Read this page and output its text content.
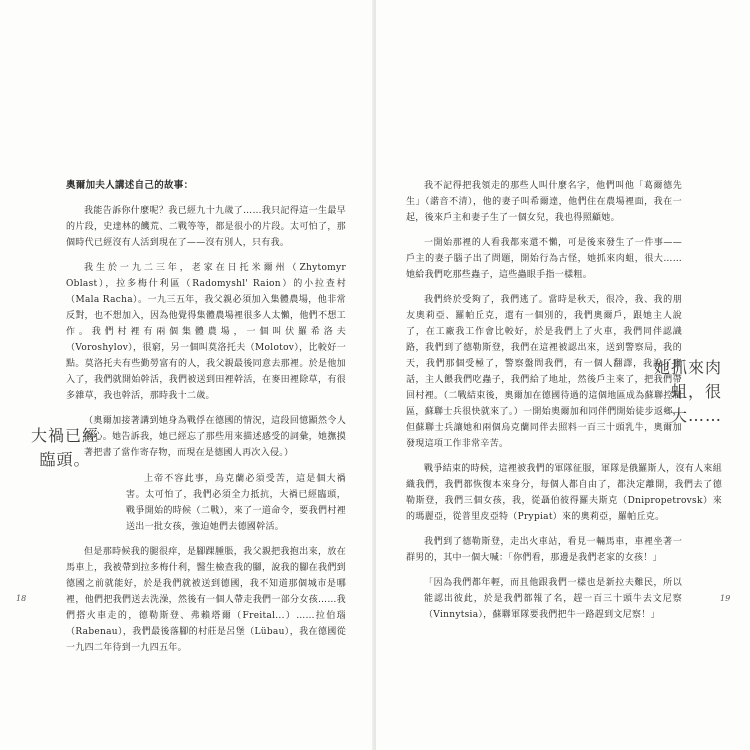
奧爾加夫人講述自己的故事：

我能告訴你什麼呢？我已經九十九歲了……我只記得這一生最早的片段，史達林的饑荒、二戰等等，都是很小的片段。太可怕了，那個時代已經沒有人活到現在了——沒有別人，只有我。

我生於一九二三年，老家在日托米爾州（Zhytomyr Oblast），拉多梅什利區（Radomyshl' Raion）的小拉查村（Mala Racha）。一九三五年，我父親必須加入集體農場，他非常反對，也不想加入，因為他覺得集體農場裡很多人太懶，他們不想工作。我們村裡有兩個集體農場，一個叫伏羅希洛夫（Voroshylov），很窮，另一個叫莫洛托夫（Molotov），比較好一點。莫洛托夫有些勤勞富有的人，我父親最後同意去那裡。於是他加入了，我們就開始幹活，我們被送到田裡幹活，在麥田裡除草，有很多雜草，我也幹活，那時我十二歲。

（奧爾加接著講到她身為戰俘在德國的情況，這段回憶顯然令人傷心。她告訴我，她已經忘了那些用來描述感受的詞彙，她撫摸著把書了當作寄存物，而現在是德國人再次入侵。）

上帝不容此事，烏克蘭必須受苦，這是個大禍害。太可怕了，我們必須全力抵抗，大禍已經臨頭，戰爭開始的時候（二戰），來了一道命令，要我們村裡送出一批女孩，強迫她們去德國幹活。

但是那時候我的腿很痒，是腳踝腫脹，我父親把我抱出來，放在馬車上，我被帶到拉多梅什利，醫生檢查我的腳，說我的腳在我們到德國之前就能好，於是我們就被送到德國，我不知道那個城市是哪裡，他們把我們送去洗澡，然後有一個人帶走我們一部分女孩……我們搭火車走的，德勒斯登、弗賴塔爾（Freital...）……拉伯瑙（Rabenau），我們最後落腳的村莊是呂堡（Lübau），我在德國從一九四二年待到一九四五年。

大禍已經臨頭。
18

我不記得把我領走的那些人叫什麼名字，他們叫他「葛爾德先生」（諧音不清），他的妻子叫希爾達，他們住在農場裡面，我在一起，後來戶主和妻子生了一個女兒，我也得照顧她。

一開始那裡的人看我都來還不懶，可是後來發生了一件事——戶主的妻子腦子出了問題，開始行為古怪，她抓來肉蛆，很大……她給我們吃那些蟲子，這些蟲眼手指一樣粗。

我們終於受夠了，我們逃了。當時是秋天，很冷，我、我的朋友奧莉亞、羅帕丘克，還有一個別的，我們奧爾戶，跟她主人說了，在工廠我工作會比較好，於是我們上了火車，我們同伴認識路，我們到了德勒斯登，我們在這裡被認出來，送到警察局，我的天，我們那個受極了，警察盤問我們，有一個人翻譯，我說了實話，主人餵我們吃蟲子，我們給了地址，然後戶主來了，把我們帶回村裡。（二戰結束後，奧爾加在德國待過的這個地區成為蘇聯控制區，蘇聯士兵很快就來了。）一開始奧爾加和同伴們開始徒步返鄉，但蘇聯士兵讓她和兩個烏克蘭同伴去照料一百三十頭乳牛，奧爾加發現這項工作非常辛苦。

戰爭結束的時候，這裡被我們的軍隊征服，軍隊是俄羅斯人，沒有人來組織我們，我們都恢復本來身分，每個人都自由了，都決定離開，我們去了德勒斯登，我們三個女孩，我，從聶伯彼得羅夫斯克（Dnipropetrovsk）來的瑪麗亞，從普里皮亞特（Prypiat）來的奧莉亞，羅帕丘克。

我們到了德勒斯登，走出火車站，看見一輛馬車，車裡坐著一群男的，其中一個大喊：「你們看，那邊是我們老家的女孩！」

「因為我們都年輕，而且他跟我們一樣也是新拉夫難民，所以能認出彼此，於是我們都報了名，趕一百三十頭牛去文尼察（Vinnytsia），蘇聯軍隊要我們把牛一路趕到文尼察！」

她抓來肉蛆，很大……
19
